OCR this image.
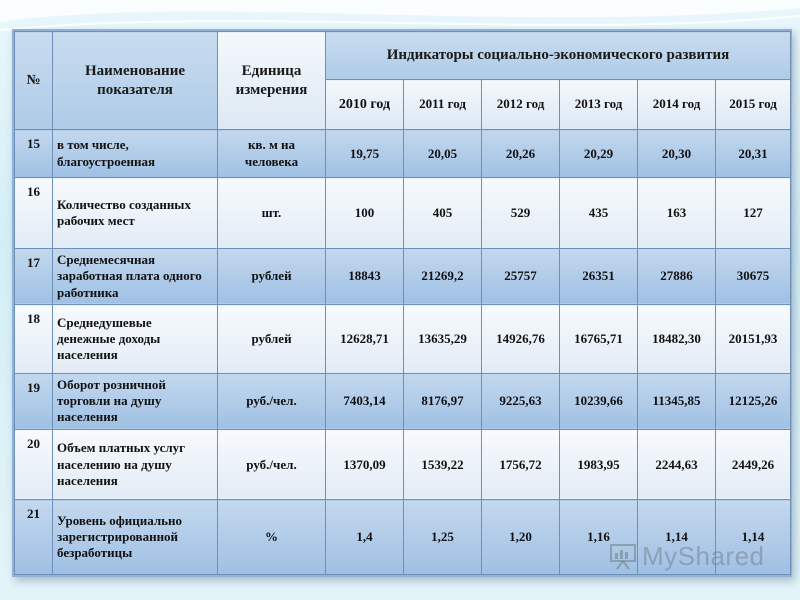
№	Наименование показателя	Единица измерения	Индикаторы социально-экономического развития					
			2010 год	2011 год	2012 год	2013 год	2014 год	2015 год
15	в том числе, благоустроенная	кв. м на человека	19,75	20,05	20,26	20,29	20,30	20,31
16	Количество созданных рабочих мест	шт.	100	405	529	435	163	127
17	Среднемесячная заработная плата одного работника	рублей	18843	21269,2	25757	26351	27886	30675
18	Среднедушевые денежные доходы населения	рублей	12628,71	13635,29	14926,76	16765,71	18482,30	20151,93
19	Оборот розничной торговли на душу населения	руб./чел.	7403,14	8176,97	9225,63	10239,66	11345,85	12125,26
20	Объем платных услуг населению на душу населения	руб./чел.	1370,09	1539,22	1756,72	1983,95	2244,63	2449,26
21	Уровень официально зарегистрированной безработицы	%	1,4	1,25	1,20	1,16	1,14	1,14
MyShared
